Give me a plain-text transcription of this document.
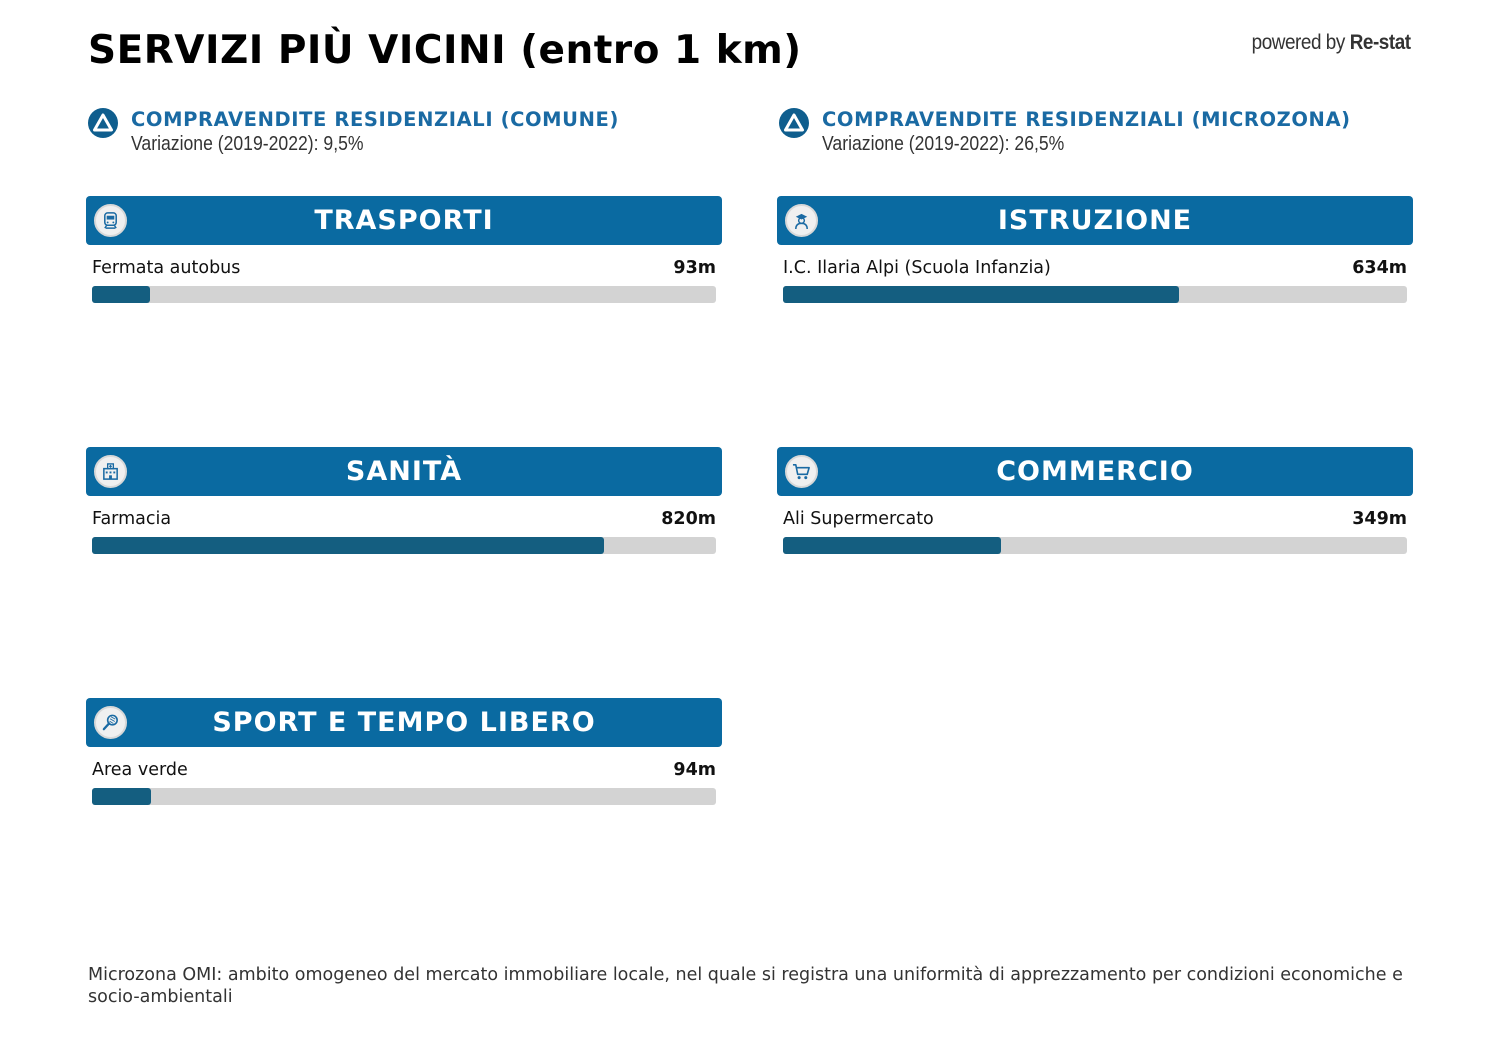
SERVIZI PIÙ VICINI (entro 1 km)	powered by Re-stat
COMPRAVENDITE RESIDENZIALI (COMUNE)
Variazione (2019-2022): 9,5%
COMPRAVENDITE RESIDENZIALI (MICROZONA)
Variazione (2019-2022): 26,5%
TRASPORTI
Fermata autobus	93m
ISTRUZIONE
I.C. Ilaria Alpi (Scuola Infanzia)	634m
SANITÀ
Farmacia	820m
COMMERCIO
Ali Supermercato	349m
SPORT E TEMPO LIBERO
Area verde	94m
Microzona OMI: ambito omogeneo del mercato immobiliare locale, nel quale si registra una uniformità di apprezzamento per condizioni economiche e socio-ambientali
